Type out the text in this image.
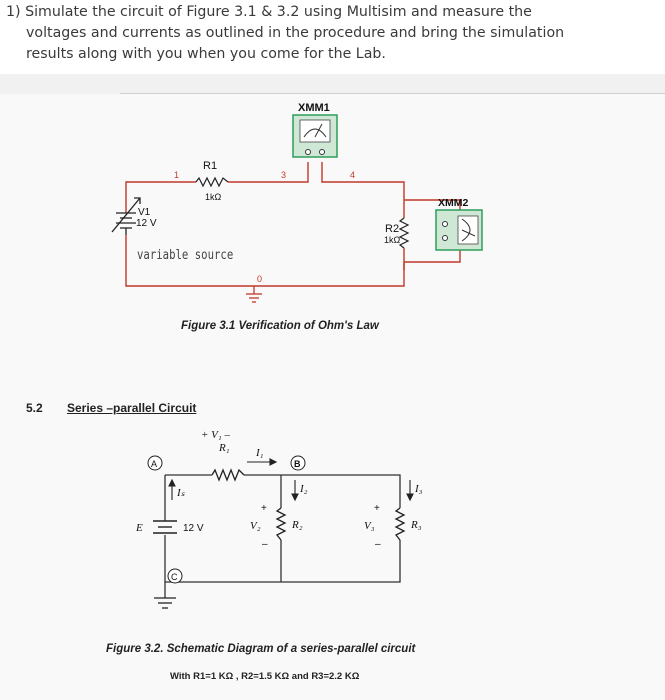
1) Simulate the circuit of Figure 3.1 & 3.2 using Multisim and measure the

voltages and currents as outlined in the procedure and bring the simulation
results along with you when you come for the Lab.

XMM1
XMM2
R1
1kΩ
R2
1kΩ
V1
12 V
1	3	4
0
A	B
C
+ V₁ –
R₁ I₁
Iₛ	I₂	I₃
E	12 V
+
V₂
–
R₂
+
V₃
–
R₃
variable source
Figure 3.1 Verification of Ohm's Law
5.2 Series –parallel Circuit
Figure 3.2. Schematic Diagram of a series-parallel circuit
With R1=1 KΩ , R2=1.5 KΩ and R3=2.2 KΩ
